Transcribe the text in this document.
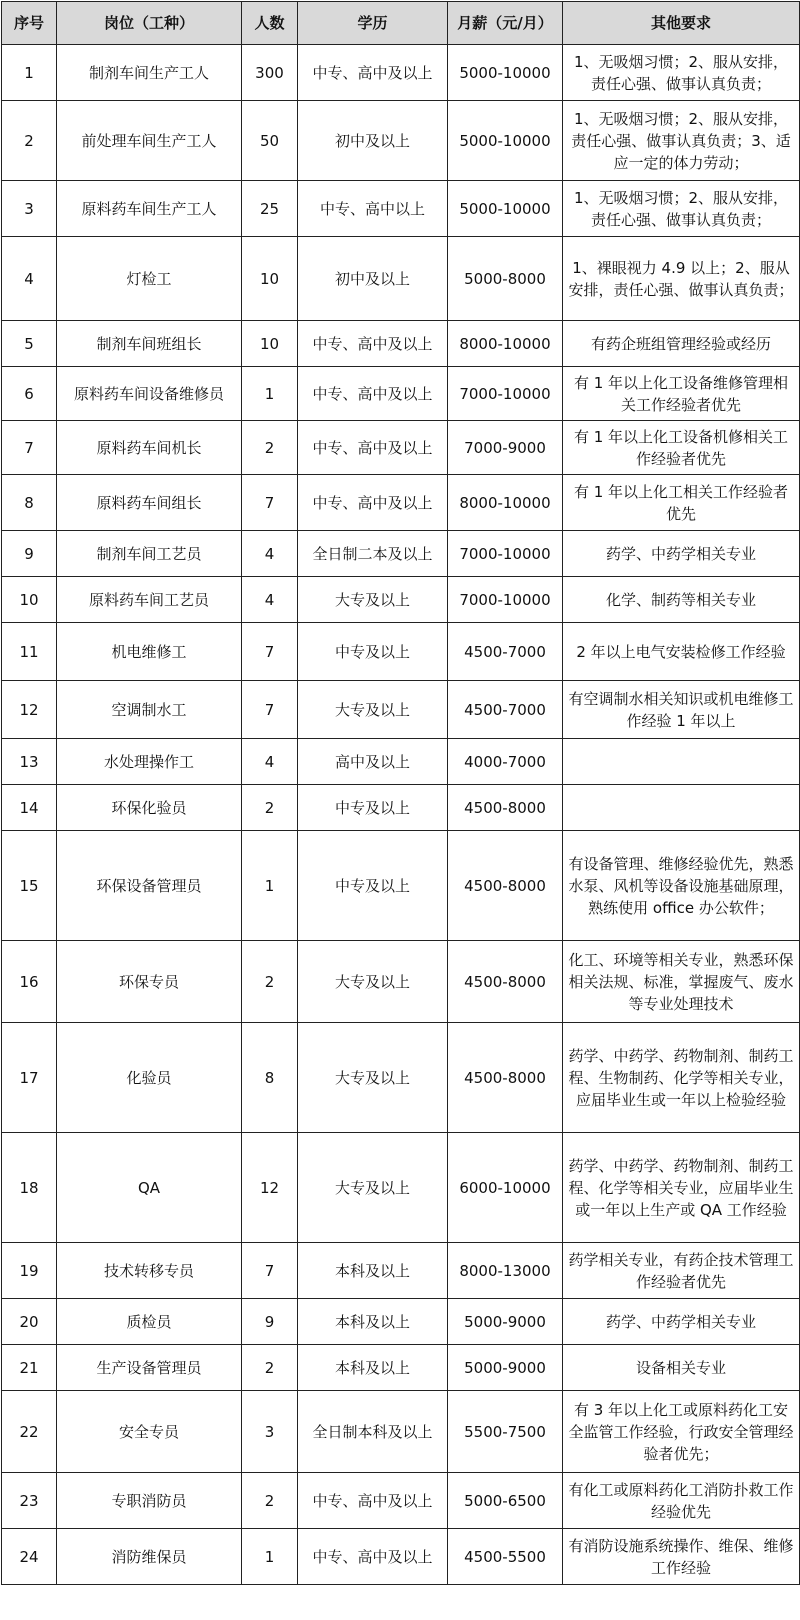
序号	岗位（工种）	人数	学历	月薪（元/月）	其他要求
1	制剂车间生产工人	300	中专、高中及以上	5000-10000	1、无吸烟习惯；2、服从安排，责任心强、做事认真负责；
2	前处理车间生产工人	50	初中及以上	5000-10000	1、无吸烟习惯；2、服从安排，责任心强、做事认真负责；3、适应一定的体力劳动；
3	原料药车间生产工人	25	中专、高中以上	5000-10000	1、无吸烟习惯；2、服从安排，责任心强、做事认真负责；
4	灯检工	10	初中及以上	5000-8000	1、裸眼视力 4.9 以上；2、服从安排，责任心强、做事认真负责；
5	制剂车间班组长	10	中专、高中及以上	8000-10000	有药企班组管理经验或经历
6	原料药车间设备维修员	1	中专、高中及以上	7000-10000	有 1 年以上化工设备维修管理相关工作经验者优先
7	原料药车间机长	2	中专、高中及以上	7000-9000	有 1 年以上化工设备机修相关工作经验者优先
8	原料药车间组长	7	中专、高中及以上	8000-10000	有 1 年以上化工相关工作经验者优先
9	制剂车间工艺员	4	全日制二本及以上	7000-10000	药学、中药学相关专业
10	原料药车间工艺员	4	大专及以上	7000-10000	化学、制药等相关专业
11	机电维修工	7	中专及以上	4500-7000	2 年以上电气安装检修工作经验
12	空调制水工	7	大专及以上	4500-7000	有空调制水相关知识或机电维修工作经验 1 年以上
13	水处理操作工	4	高中及以上	4000-7000	
14	环保化验员	2	中专及以上	4500-8000	
15	环保设备管理员	1	中专及以上	4500-8000	有设备管理、维修经验优先，熟悉水泵、风机等设备设施基础原理，熟练使用 office 办公软件；
16	环保专员	2	大专及以上	4500-8000	化工、环境等相关专业，熟悉环保相关法规、标准，掌握废气、废水等专业处理技术
17	化验员	8	大专及以上	4500-8000	药学、中药学、药物制剂、制药工程、生物制药、化学等相关专业，应届毕业生或一年以上检验经验
18	QA	12	大专及以上	6000-10000	药学、中药学、药物制剂、制药工程、化学等相关专业，应届毕业生或一年以上生产或 QA 工作经验
19	技术转移专员	7	本科及以上	8000-13000	药学相关专业，有药企技术管理工作经验者优先
20	质检员	9	本科及以上	5000-9000	药学、中药学相关专业
21	生产设备管理员	2	本科及以上	5000-9000	设备相关专业
22	安全专员	3	全日制本科及以上	5500-7500	有 3 年以上化工或原料药化工安全监管工作经验，行政安全管理经验者优先；
23	专职消防员	2	中专、高中及以上	5000-6500	有化工或原料药化工消防扑救工作经验优先
24	消防维保员	1	中专、高中及以上	4500-5500	有消防设施系统操作、维保、维修工作经验
